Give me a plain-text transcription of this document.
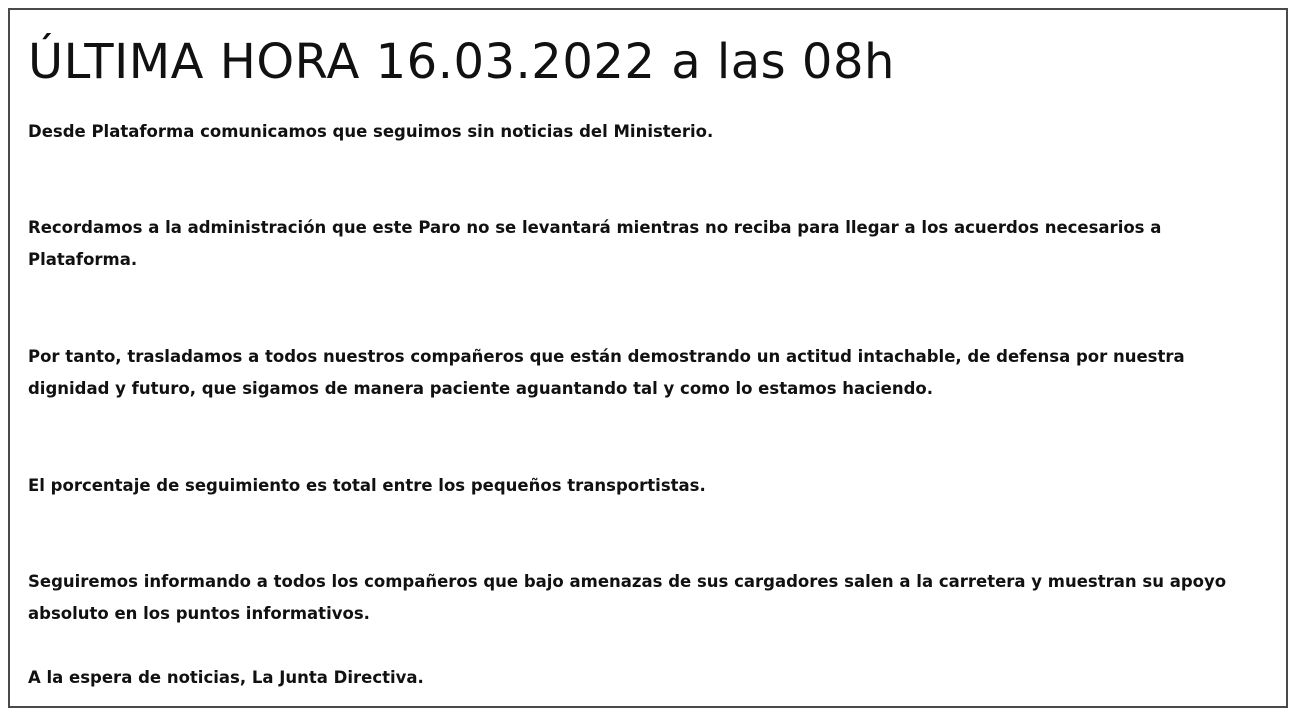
ÚLTIMA HORA 16.03.2022 a las 08h

Desde Plataforma comunicamos que seguimos sin noticias del Ministerio.

Recordamos a la administración que este Paro no se levantará mientras no reciba para llegar a los acuerdos necesarios a Plataforma.

Por tanto, trasladamos a todos nuestros compañeros que están demostrando un actitud intachable, de defensa por nuestra dignidad y futuro, que sigamos de manera paciente aguantando tal y como lo estamos haciendo.

El porcentaje de seguimiento es total entre los pequeños transportistas.

Seguiremos informando a todos los compañeros que bajo amenazas de sus cargadores salen a la carretera y muestran su apoyo absoluto en los puntos informativos.

A la espera de noticias, La Junta Directiva.
